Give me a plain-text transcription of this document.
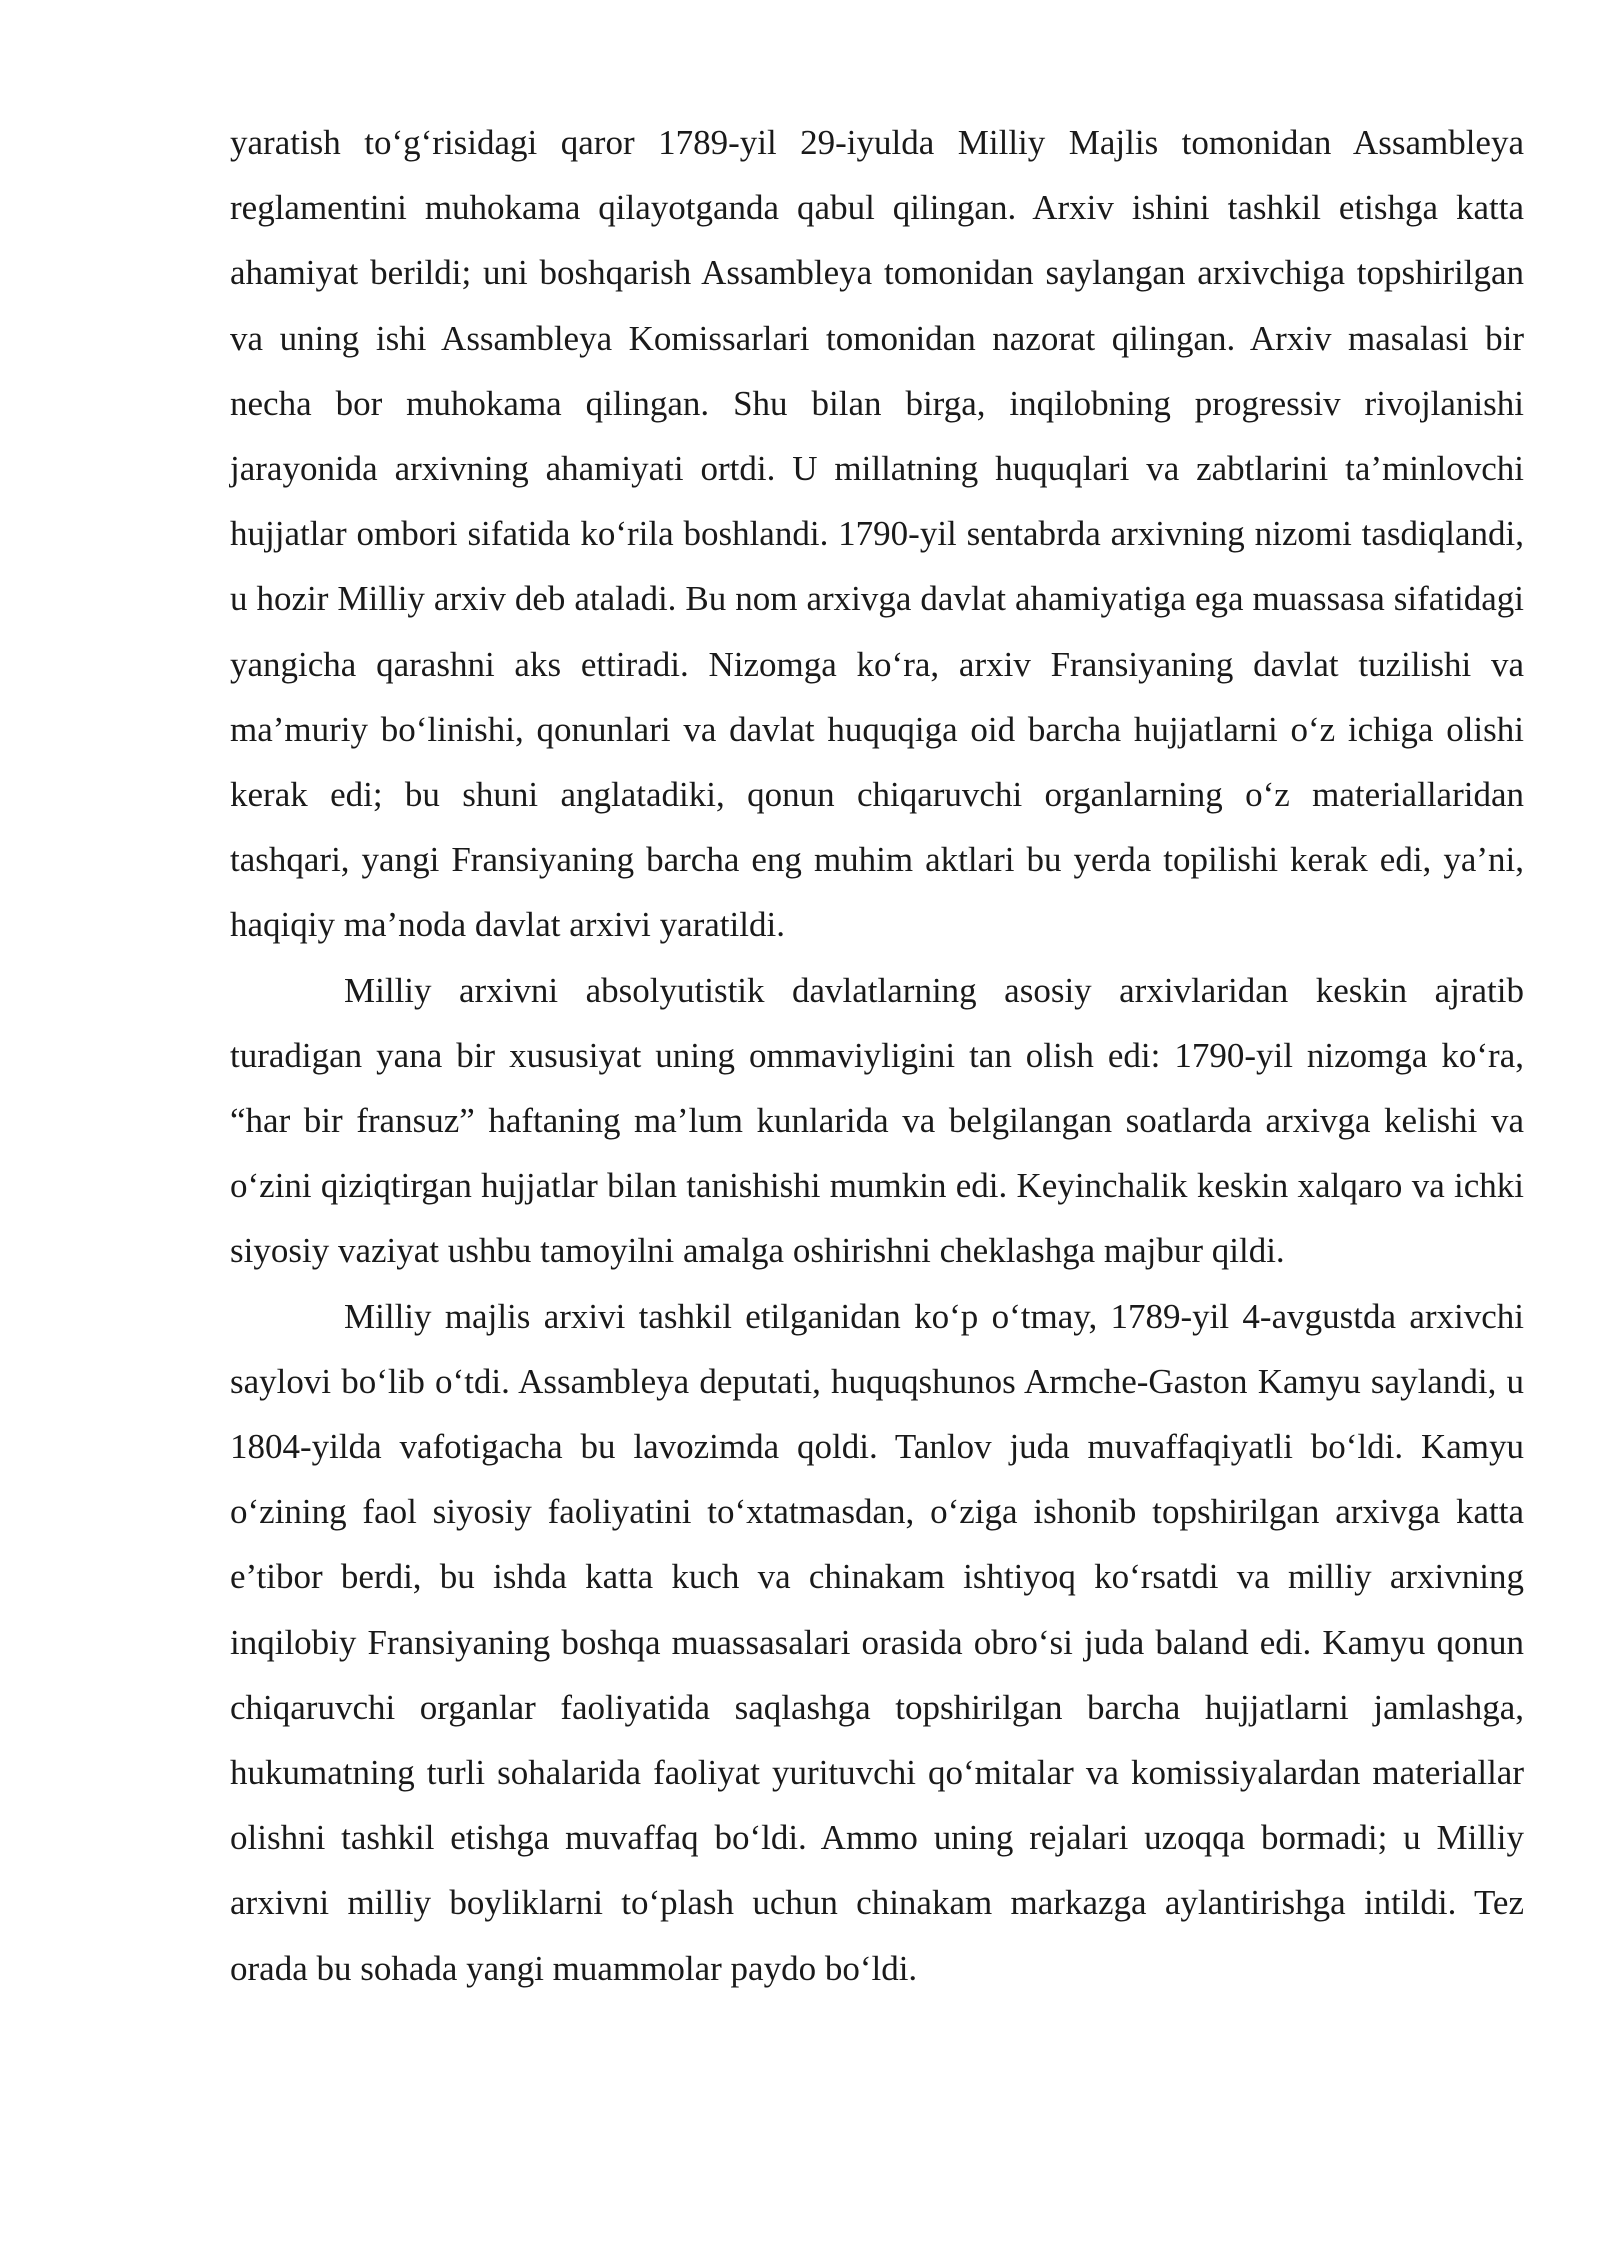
yaratish to‘g‘risidagi qaror 1789-yil 29-iyulda Milliy Majlis tomonidan Assambleya reglamentini muhokama qilayotganda qabul qilingan. Arxiv ishini tashkil etishga katta ahamiyat berildi; uni boshqarish Assambleya tomonidan saylangan arxivchiga topshirilgan va uning ishi Assambleya Komissarlari tomonidan nazorat qilingan. Arxiv masalasi bir necha bor muhokama qilingan. Shu bilan birga, inqilobning progressiv rivojlanishi jarayonida arxivning ahamiyati ortdi. U millatning huquqlari va zabtlarini ta’minlovchi hujjatlar ombori sifatida ko‘rila boshlandi. 1790-yil sentabrda arxivning nizomi tasdiqlandi, u hozir Milliy arxiv deb ataladi. Bu nom arxivga davlat ahamiyatiga ega muassasa sifatidagi yangicha qarashni aks ettiradi. Nizomga ko‘ra, arxiv Fransiyaning davlat tuzilishi va ma’muriy bo‘linishi, qonunlari va davlat huquqiga oid barcha hujjatlarni o‘z ichiga olishi kerak edi; bu shuni anglatadiki, qonun chiqaruvchi organlarning o‘z materiallaridan tashqari, yangi Fransiyaning barcha eng muhim aktlari bu yerda topilishi kerak edi, ya’ni, haqiqiy ma’noda davlat arxivi yaratildi.

Milliy arxivni absolyutistik davlatlarning asosiy arxivlaridan keskin ajratib turadigan yana bir xususiyat uning ommaviyligini tan olish edi: 1790-yil nizomga ko‘ra, “har bir fransuz” haftaning ma’lum kunlarida va belgilangan soatlarda arxivga kelishi va o‘zini qiziqtirgan hujjatlar bilan tanishishi mumkin edi. Keyinchalik keskin xalqaro va ichki siyosiy vaziyat ushbu tamoyilni amalga oshirishni cheklashga majbur qildi.

Milliy majlis arxivi tashkil etilganidan ko‘p o‘tmay, 1789-yil 4-avgustda arxivchi saylovi bo‘lib o‘tdi. Assambleya deputati, huquqshunos Armche-Gaston Kamyu saylandi, u 1804-yilda vafotigacha bu lavozimda qoldi. Tanlov juda muvaffaqiyatli bo‘ldi. Kamyu o‘zining faol siyosiy faoliyatini to‘xtatmasdan, o‘ziga ishonib topshirilgan arxivga katta e’tibor berdi, bu ishda katta kuch va chinakam ishtiyoq ko‘rsatdi va milliy arxivning inqilobiy Fransiyaning boshqa muassasalari orasida obro‘si juda baland edi. Kamyu qonun chiqaruvchi organlar faoliyatida saqlashga topshirilgan barcha hujjatlarni jamlashga, hukumatning turli sohalarida faoliyat yurituvchi qo‘mitalar va komissiyalardan materiallar olishni tashkil etishga muvaffaq bo‘ldi. Ammo uning rejalari uzoqqa bormadi; u Milliy arxivni milliy boyliklarni to‘plash uchun chinakam markazga aylantirishga intildi. Tez orada bu sohada yangi muammolar paydo bo‘ldi.
